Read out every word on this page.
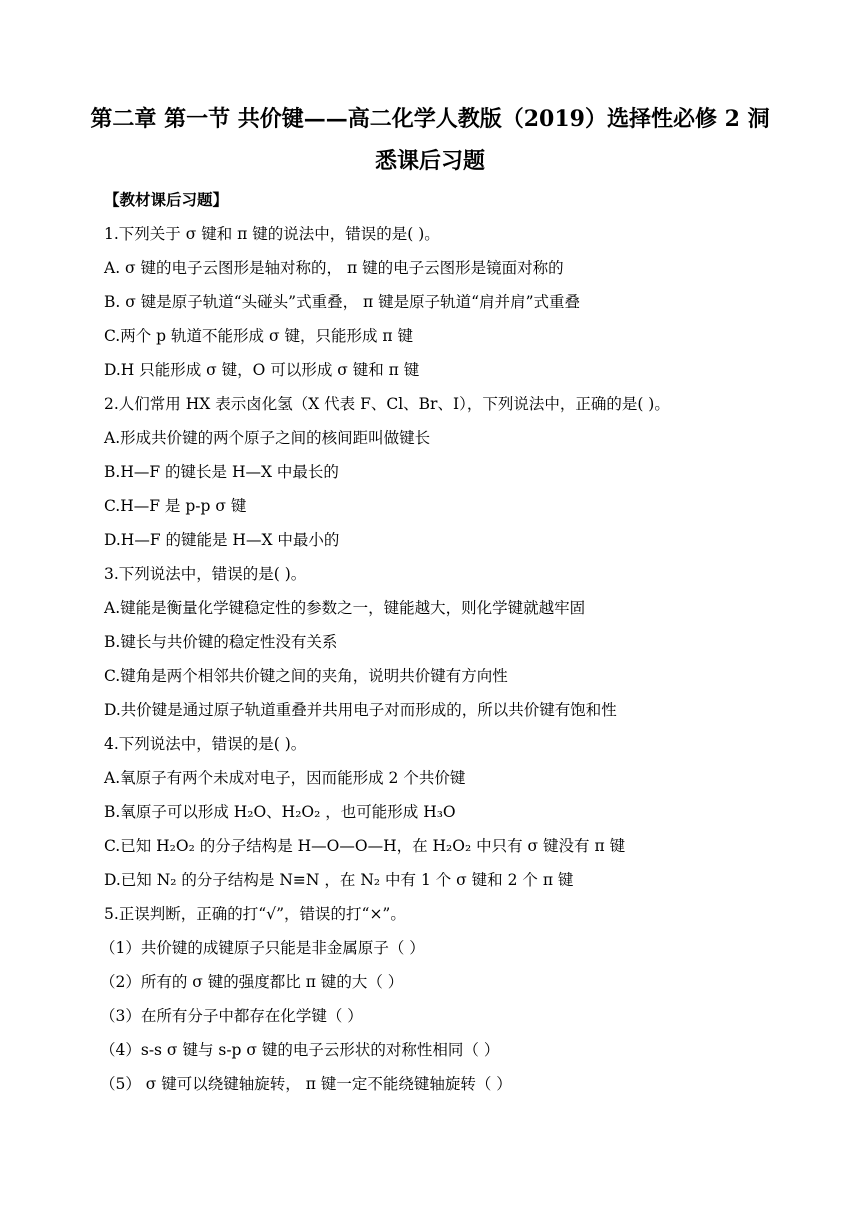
第二章 第一节 共价键——高二化学人教版（2019）选择性必修 2 洞
悉课后习题
【教材课后习题】
1.下列关于 σ 键和 π 键的说法中，错误的是( )。
A. σ 键的电子云图形是轴对称的， π 键的电子云图形是镜面对称的
B. σ 键是原子轨道“头碰头”式重叠， π 键是原子轨道“肩并肩”式重叠
C.两个 p 轨道不能形成 σ 键，只能形成 π 键
D.H 只能形成 σ 键，O 可以形成 σ 键和 π 键
2.人们常用 HX 表示卤化氢（X 代表 F、Cl、Br、I），下列说法中，正确的是( )。
A.形成共价键的两个原子之间的核间距叫做键长
B.H—F 的键长是 H—X 中最长的
C.H—F 是 p-p σ 键
D.H—F 的键能是 H—X 中最小的
3.下列说法中，错误的是( )。
A.键能是衡量化学键稳定性的参数之一，键能越大，则化学键就越牢固
B.键长与共价键的稳定性没有关系
C.键角是两个相邻共价键之间的夹角，说明共价键有方向性
D.共价键是通过原子轨道重叠并共用电子对而形成的，所以共价键有饱和性
4.下列说法中，错误的是( )。
A.氧原子有两个未成对电子，因而能形成 2 个共价键
B.氧原子可以形成 H₂O、H₂O₂ ，也可能形成 H₃O
C.已知 H₂O₂ 的分子结构是 H—O—O—H，在 H₂O₂ 中只有 σ 键没有 π 键
D.已知 N₂ 的分子结构是 N≡N ，在 N₂ 中有 1 个 σ 键和 2 个 π 键
5.正误判断，正确的打“√”，错误的打“×”。
（1）共价键的成键原子只能是非金属原子（ ）
（2）所有的 σ 键的强度都比 π 键的大（ ）
（3）在所有分子中都存在化学键（ ）
（4）s-s σ 键与 s-p σ 键的电子云形状的对称性相同（ ）
（5） σ 键可以绕键轴旋转， π 键一定不能绕键轴旋转（ ）
